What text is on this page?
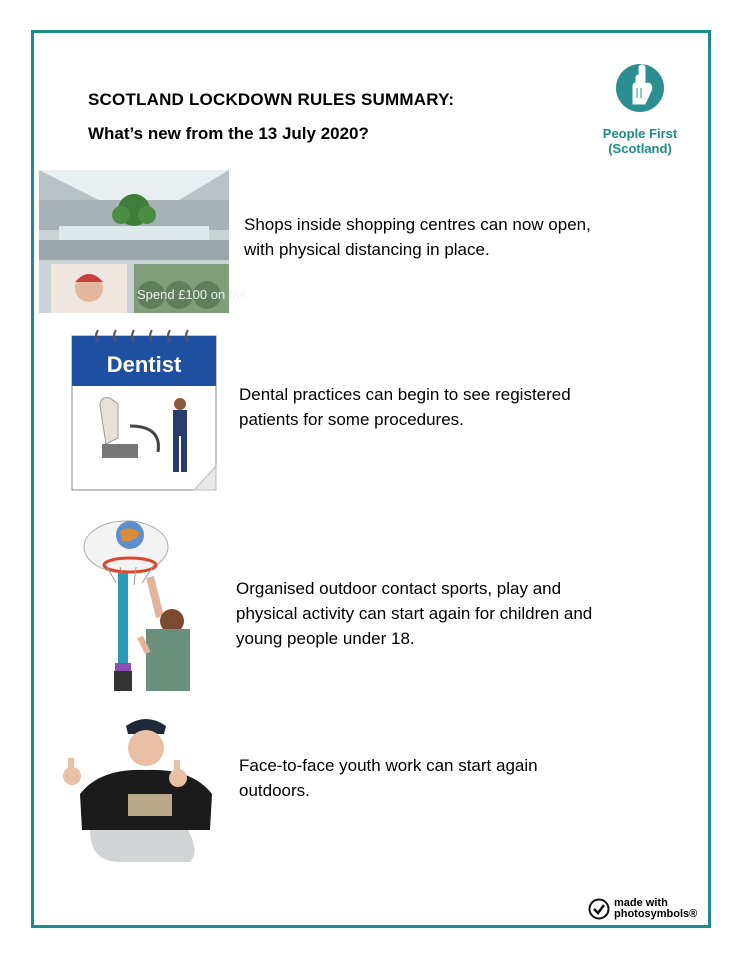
SCOTLAND LOCKDOWN RULES SUMMARY:
What’s new from the 13 July 2020?	People First
(Scotland)
Spend £100 on fas
Shops inside shopping centres can now open,
with physical distancing in place.
Dentist
Dental practices can begin to see registered
patients for some procedures.
Organised outdoor contact sports, play and
physical activity can start again for children and
young people under 18.
Face-to-face youth work can start again
outdoors.
made with
photosymbols®
